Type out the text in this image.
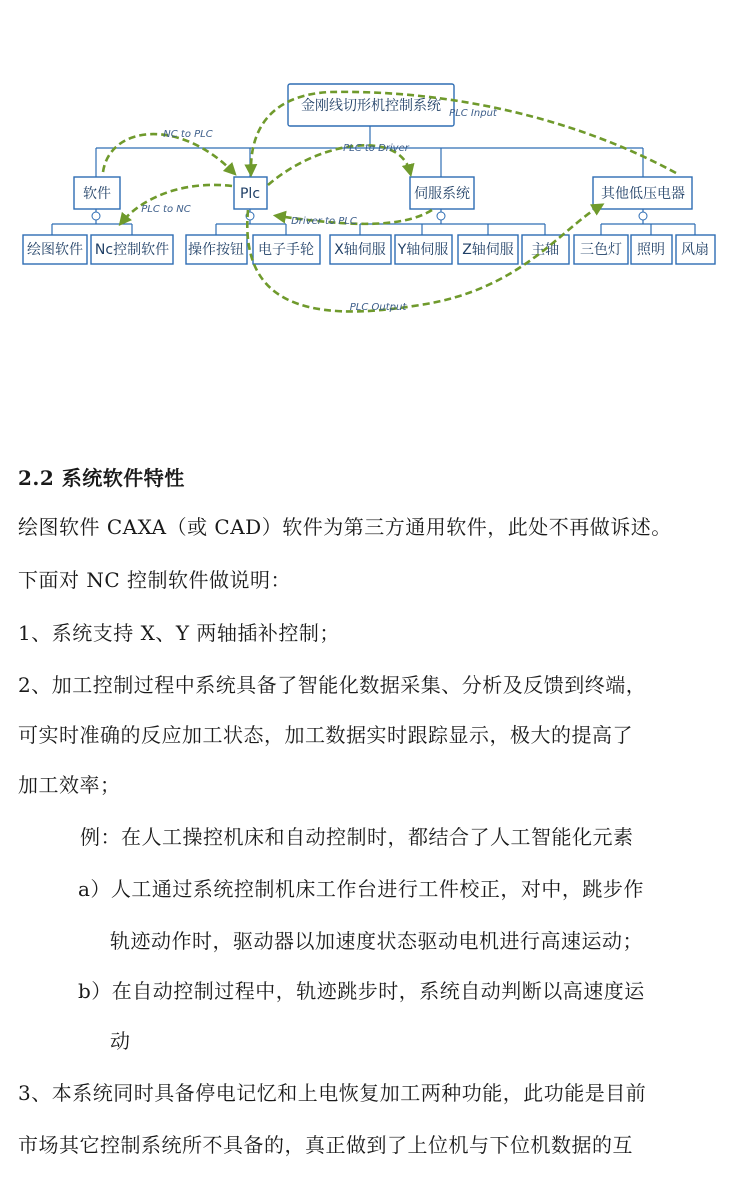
金刚线切形机控制系统
软件	Plc	伺服系统	其他低压电器
绘图软件 Nc控制软件 操作按钮 电子手轮 X轴伺服 Y轴伺服 Z轴伺服 主轴 三色灯 照明 风扇
NC to PLC
PLC to NC
PLC Input
PLC to Driver
Driver to PLC
PLC Output
2.2 系统软件特性
绘图软件 CAXA（或 CAD）软件为第三方通用软件，此处不再做诉述。
下面对 NC 控制软件做说明：
1、系统支持 X、Y 两轴插补控制；
2、加工控制过程中系统具备了智能化数据采集、分析及反馈到终端，
可实时准确的反应加工状态，加工数据实时跟踪显示，极大的提高了
加工效率；
例：在人工操控机床和自动控制时，都结合了人工智能化元素
a）人工通过系统控制机床工作台进行工件校正，对中，跳步作
轨迹动作时，驱动器以加速度状态驱动电机进行高速运动；
b）在自动控制过程中，轨迹跳步时，系统自动判断以高速度运
动
3、本系统同时具备停电记忆和上电恢复加工两种功能，此功能是目前
市场其它控制系统所不具备的，真正做到了上位机与下位机数据的互
